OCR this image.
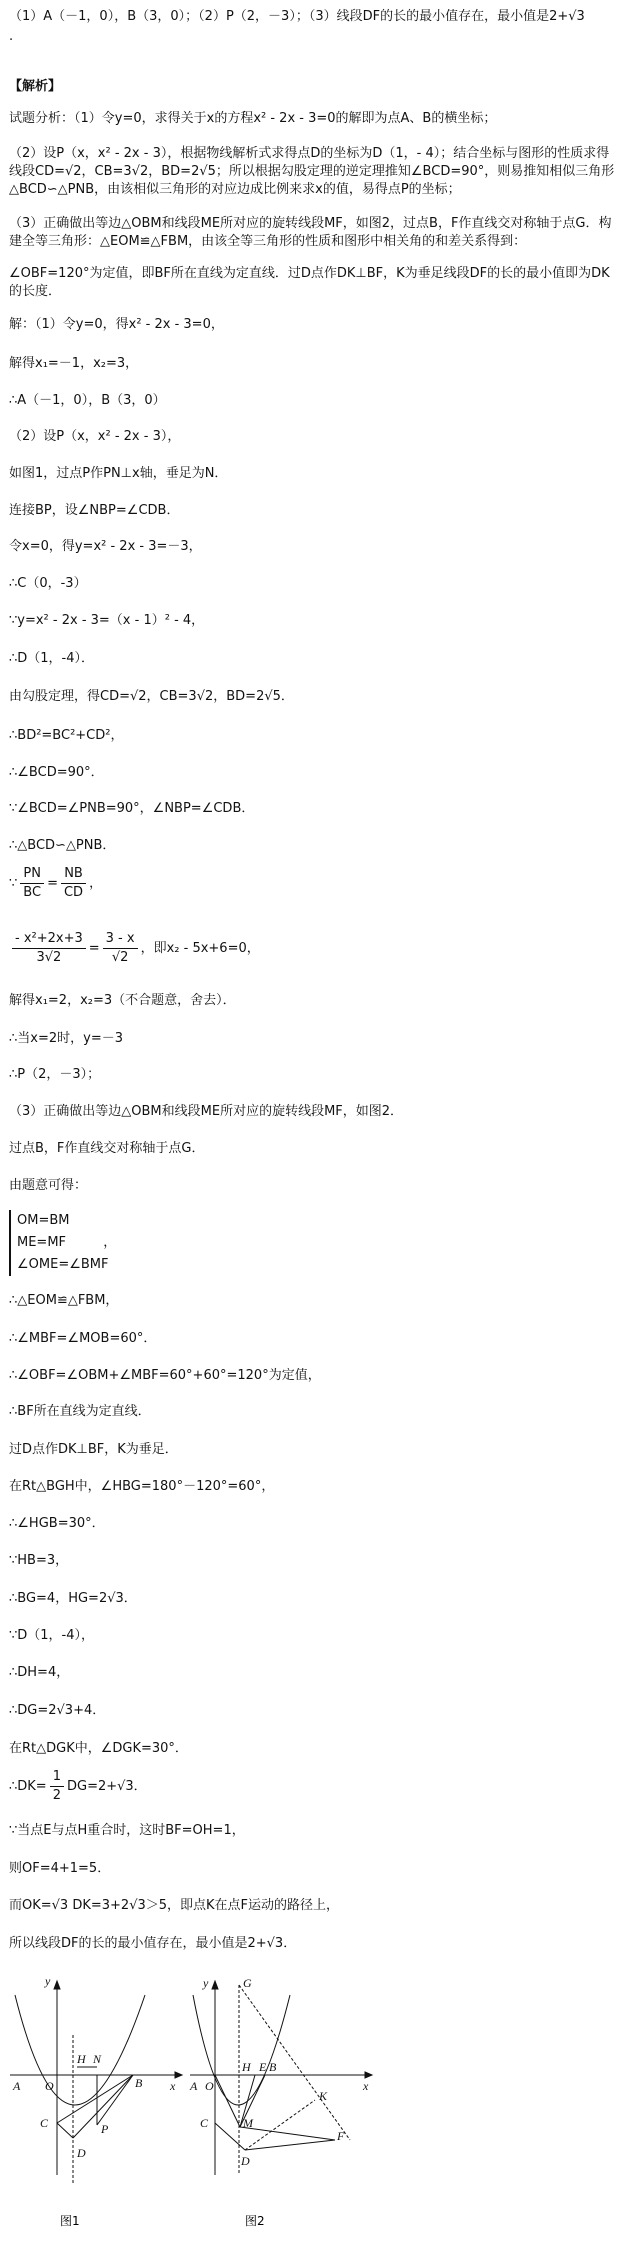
（1）A（－1，0），B（3，0）；（2）P（2，－3）；（3）线段DF的长的最小值存在，最小值是2+√3
.
【解析】
试题分析：（1）令y=0，求得关于x的方程x² - 2x - 3=0的解即为点A、B的横坐标；
（2）设P（x，x² - 2x - 3），根据物线解析式求得点D的坐标为D（1，- 4）；结合坐标与图形的性质求得线段CD=√2，CB=3√2，BD=2√5；所以根据勾股定理的逆定理推知∠BCD=90°，则易推知相似三角形△BCD∽△PNB，由该相似三角形的对应边成比例来求x的值，易得点P的坐标；
（3）正确做出等边△OBM和线段ME所对应的旋转线段MF，如图2，过点B，F作直线交对称轴于点G．构建全等三角形：△EOM≌△FBM，由该全等三角形的性质和图形中相关角的和差关系得到：
∠OBF=120°为定值，即BF所在直线为定直线．过D点作DK⊥BF，K为垂足线段DF的长的最小值即为DK的长度．
解：（1）令y=0，得x² - 2x - 3=0，
解得x₁=－1，x₂=3，
∴A（－1，0），B（3，0）
（2）设P（x，x² - 2x - 3），
如图1，过点P作PN⊥x轴，垂足为N．
连接BP，设∠NBP=∠CDB．
令x=0，得y=x² - 2x - 3=－3，
∴C（0，-3）
∵y=x² - 2x - 3=（x - 1）² - 4，
∴D（1，-4）．
由勾股定理，得CD=√2，CB=3√2，BD=2√5．
∴BD²=BC²+CD²，
∴∠BCD=90°．
∵∠BCD=∠PNB=90°，∠NBP=∠CDB．
∴△BCD∽△PNB．
∵ $\frac{PN}{BC} = \frac{NB}{CD}$ ，
$\frac{\text{- x²+2x+3}}{3√2} = \frac{3 - x}{√2}$ ，即x₂ - 5x+6=0，
解得x₁=2，x₂=3（不合题意，舍去）．
∴当x=2时，y=－3
∴P（2，－3）；
（3）正确做出等边△OBM和线段ME所对应的旋转线段MF，如图2．
过点B，F作直线交对称轴于点G．
由题意可得：
OM=BM
ME=MF	，
∠OME=∠BMF
∴△EOM≌△FBM，
∴∠MBF=∠MOB=60°．
∴∠OBF=∠OBM+∠MBF=60°+60°=120°为定值，
∴BF所在直线为定直线．
过D点作DK⊥BF，K为垂足．
在Rt△BGH中，∠HBG=180°－120°=60°，
∴∠HGB=30°．
∵HB=3，
∴BG=4，HG=2√3．
∵D（1，-4），
∴DH=4，
∴DG=2√3+4．
在Rt△DGK中，∠DGK=30°．
∴DK= $\frac{1}{2} DG=2+√3$．
∵当点E与点H重合时，这时BF=OH=1，
则OF=4+1=5．
而OK=√3 DK=3+2√3＞5，即点K在点F运动的路径上，
所以线段DF的长的最小值存在，最小值是2+√3．
y
x
A O
H N
B
C	P
D
图1
y	G
x
A O
H E B
K
C	M
D
F
图2
